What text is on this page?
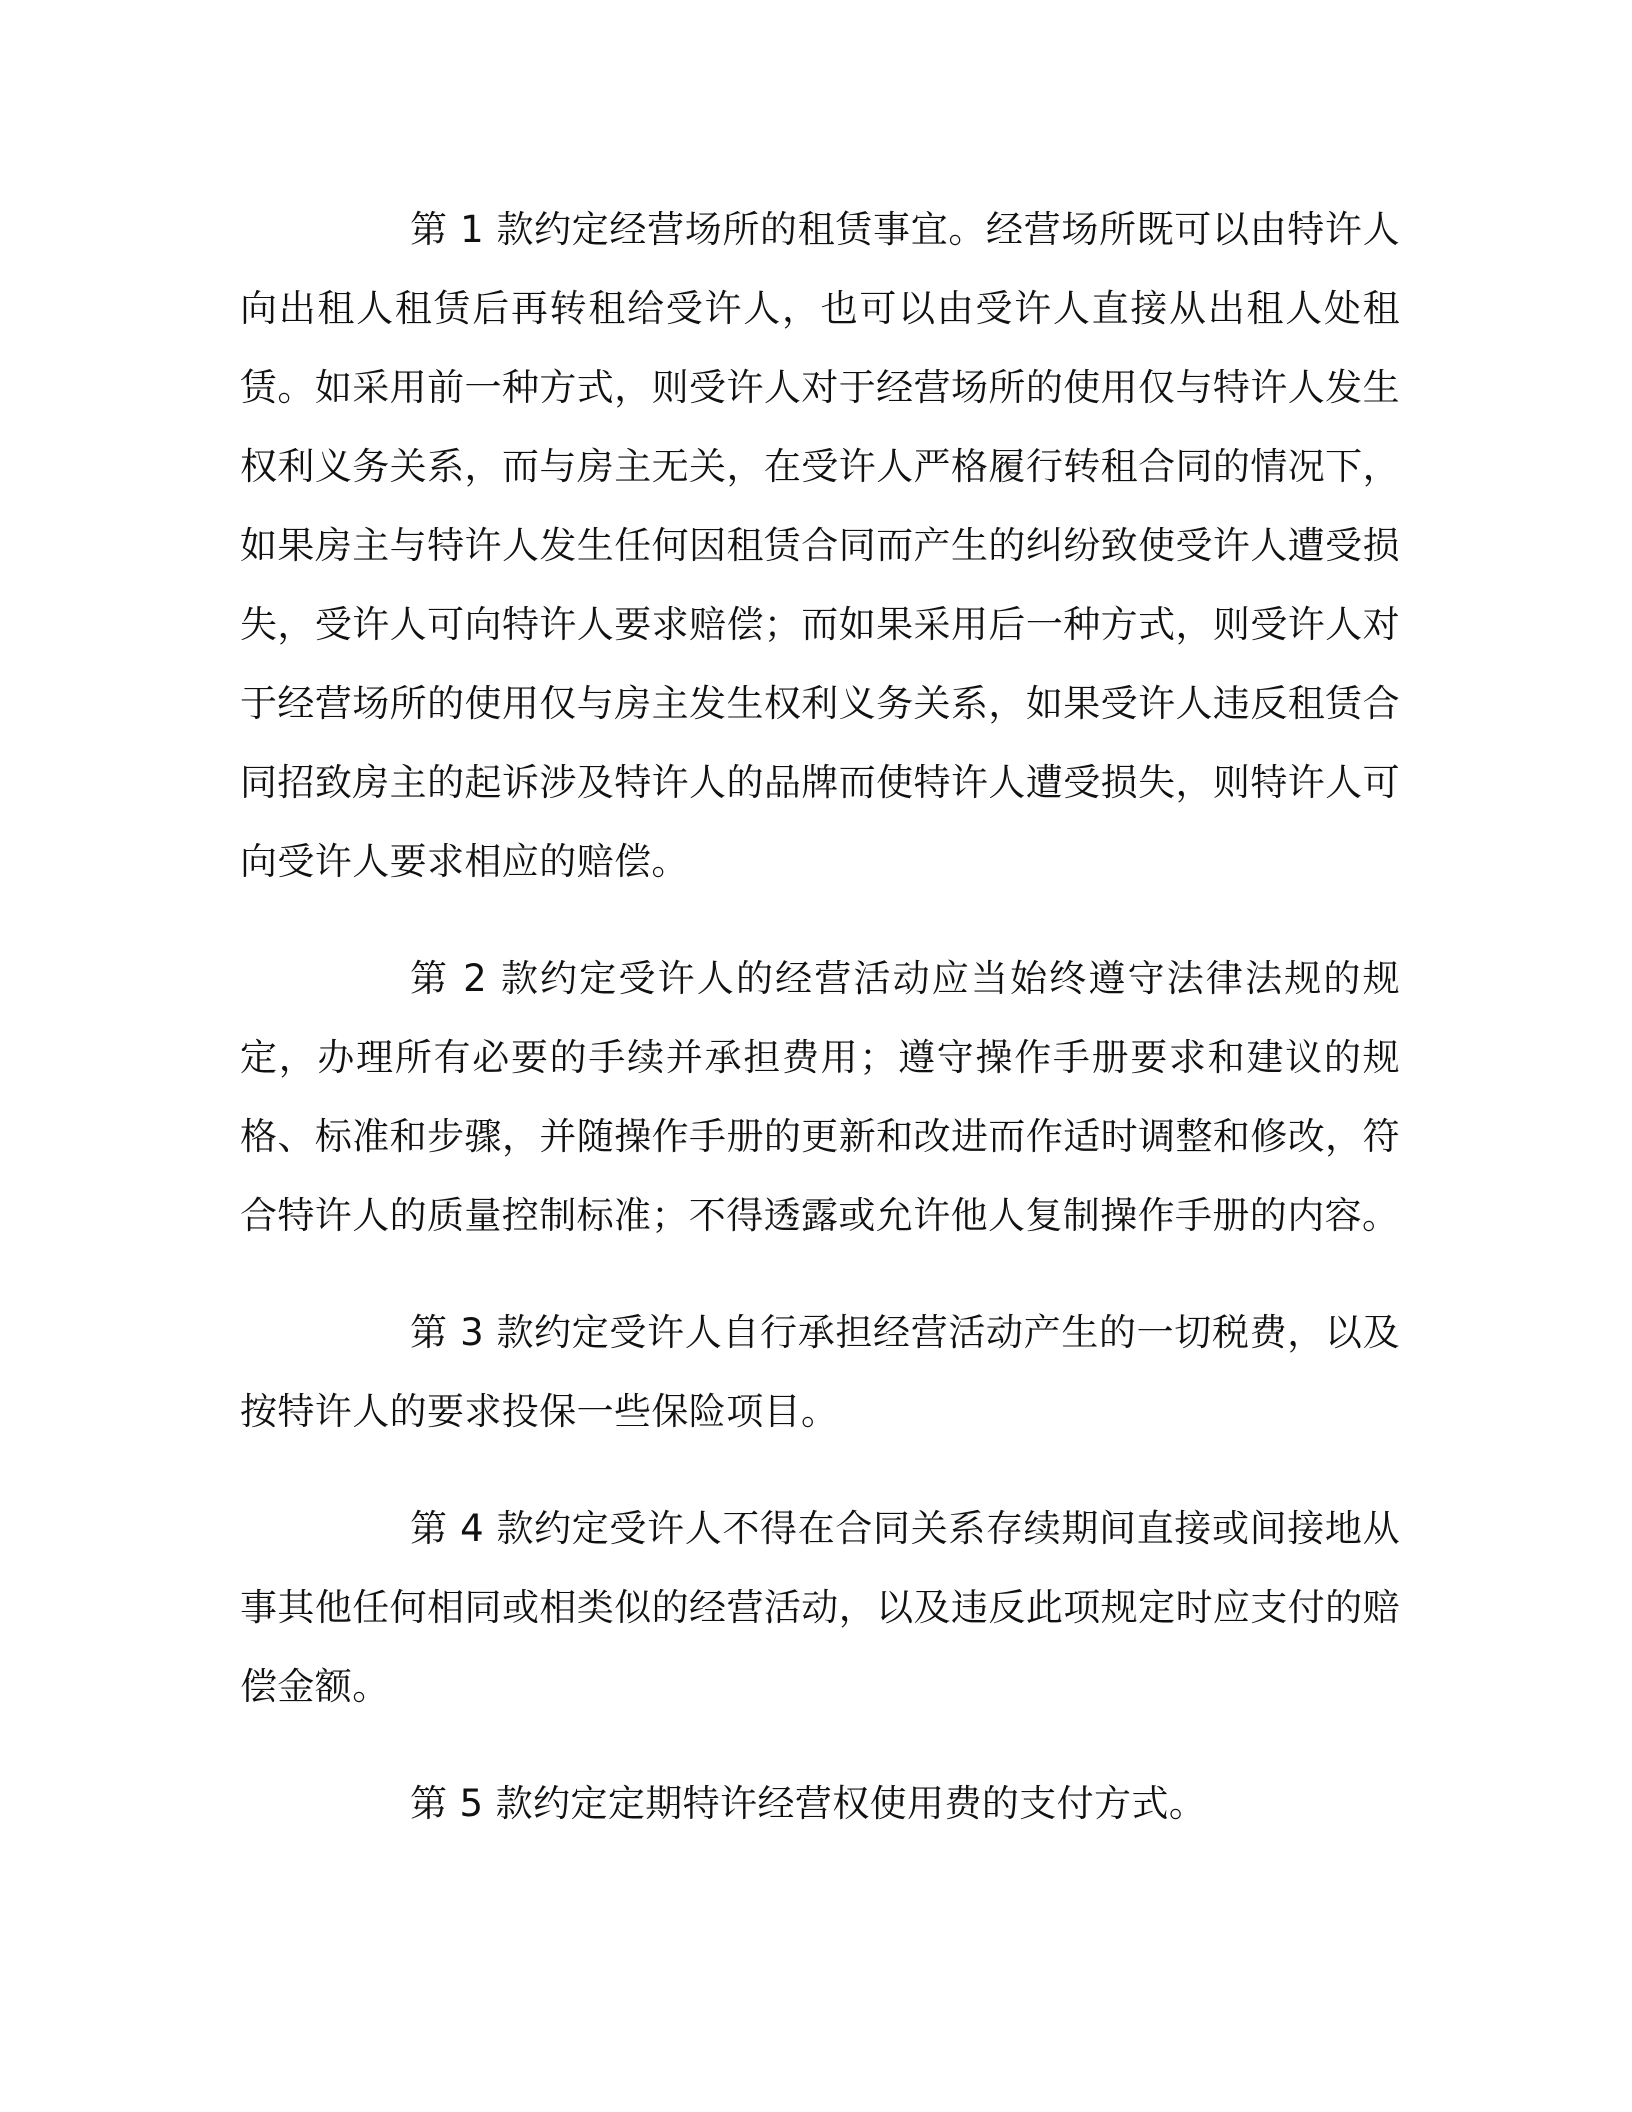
第 1 款约定经营场所的租赁事宜。经营场所既可以由特许人向出租人租赁后再转租给受许人，也可以由受许人直接从出租人处租赁。如采用前一种方式，则受许人对于经营场所的使用仅与特许人发生权利义务关系，而与房主无关，在受许人严格履行转租合同的情况下，如果房主与特许人发生任何因租赁合同而产生的纠纷致使受许人遭受损失，受许人可向特许人要求赔偿；而如果采用后一种方式，则受许人对于经营场所的使用仅与房主发生权利义务关系，如果受许人违反租赁合同招致房主的起诉涉及特许人的品牌而使特许人遭受损失，则特许人可向受许人要求相应的赔偿。

第 2 款约定受许人的经营活动应当始终遵守法律法规的规定，办理所有必要的手续并承担费用；遵守操作手册要求和建议的规格、标准和步骤，并随操作手册的更新和改进而作适时调整和修改，符合特许人的质量控制标准；不得透露或允许他人复制操作手册的内容。

第 3 款约定受许人自行承担经营活动产生的一切税费，以及按特许人的要求投保一些保险项目。

第 4 款约定受许人不得在合同关系存续期间直接或间接地从事其他任何相同或相类似的经营活动，以及违反此项规定时应支付的赔偿金额。

第 5 款约定定期特许经营权使用费的支付方式。
